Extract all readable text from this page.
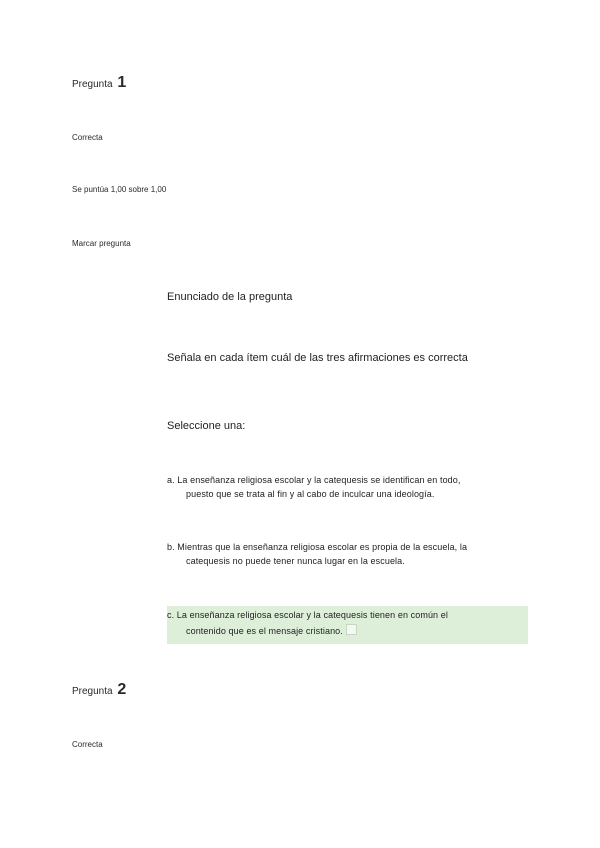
Pregunta 1
Correcta
Se puntúa 1,00 sobre 1,00
Marcar pregunta
Enunciado de la pregunta
Señala en cada ítem cuál de las tres afirmaciones es correcta
Seleccione una:
a. La enseñanza religiosa escolar y la catequesis se identifican en todo,
puesto que se trata al fin y al cabo de inculcar una ideología.
b. Mientras que la enseñanza religiosa escolar es propia de la escuela, la
catequesis no puede tener nunca lugar en la escuela.
c. La enseñanza religiosa escolar y la catequesis tienen en común el
contenido que es el mensaje cristiano.
Pregunta 2
Correcta
